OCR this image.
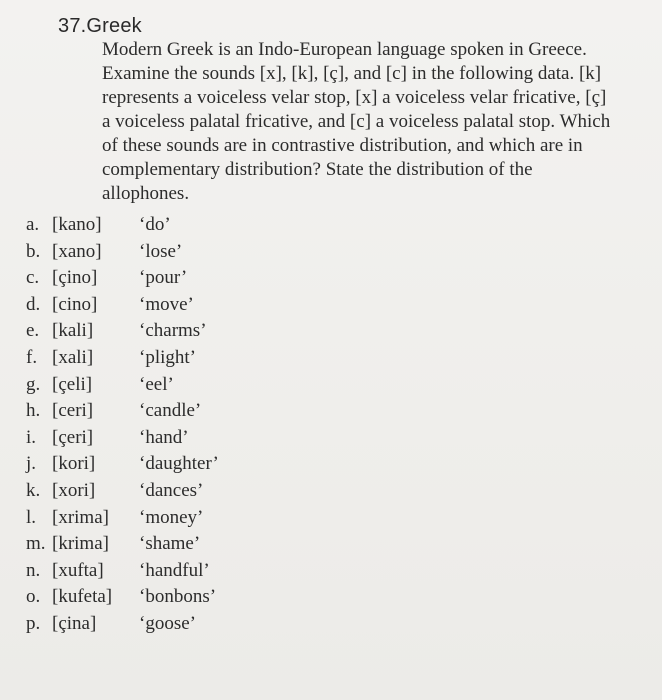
37.Greek
Modern Greek is an Indo-European language spoken in Greece.
Examine the sounds [x], [k], [ç], and [c] in the following data. [k]
represents a voiceless velar stop, [x] a voiceless velar fricative, [ç]
a voiceless palatal fricative, and [c] a voiceless palatal stop. Which
of these sounds are in contrastive distribution, and which are in
complementary distribution? State the distribution of the
allophones.
a. [kano] ‘do’
b. [xano] ‘lose’
c. [çino] ‘pour’
d. [cino] ‘move’
e. [kali] ‘charms’
f. [xali] ‘plight’
g. [çeli] ‘eel’
h. [ceri] ‘candle’
i. [çeri] ‘hand’
j. [kori] ‘daughter’
k. [xori] ‘dances’
l. [xrima] ‘money’
m. [krima] ‘shame’
n. [xufta] ‘handful’
o. [kufeta] ‘bonbons’
p. [çina] ‘goose’
